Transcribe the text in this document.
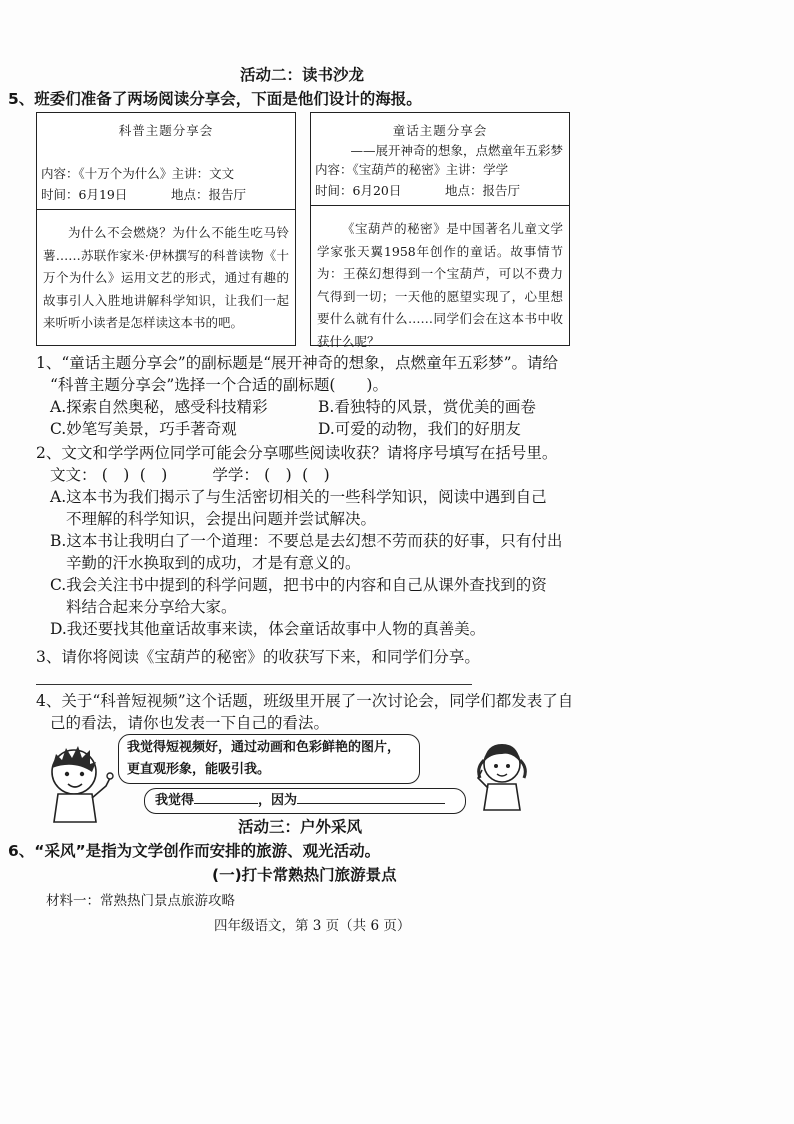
活动二：读书沙龙
5、班委们准备了两场阅读分享会，下面是他们设计的海报。
科普主题分享会
内容：《十万个为什么》 主讲：文文
时间：6月19日	地点：报告厅
为什么不会燃烧？为什么不能生吃马铃薯……苏联作家米·伊林撰写的科普读物《十万个为什么》运用文艺的形式，通过有趣的故事引人入胜地讲解科学知识，让我们一起来听听小读者是怎样读这本书的吧。
童话主题分享会
——展开神奇的想象，点燃童年五彩梦
内容：《宝葫芦的秘密》 主讲：学学
时间：6月20日	地点：报告厅
《宝葫芦的秘密》是中国著名儿童文学学家张天翼1958年创作的童话。故事情节为：王葆幻想得到一个宝葫芦，可以不费力气得到一切；一天他的愿望实现了，心里想要什么就有什么……同学们会在这本书中收获什么呢？
1、“童话主题分享会”的副标题是“展开神奇的想象，点燃童年五彩梦”。请给
“科普主题分享会”选择一个合适的副标题(　　)。
A.探索自然奥秘，感受科技精彩	B.看独特的风景，赏优美的画卷
C.妙笔写美景，巧手著奇观	D.可爱的动物，我们的好朋友
2、文文和学学两位同学可能会分享哪些阅读收获？请将序号填写在括号里。
文文： (　) (　)	学学： (　) (　)
A.这本书为我们揭示了与生活密切相关的一些科学知识，阅读中遇到自己
不理解的科学知识，会提出问题并尝试解决。
B.这本书让我明白了一个道理：不要总是去幻想不劳而获的好事，只有付出
辛勤的汗水换取到的成功，才是有意义的。
C.我会关注书中提到的科学问题，把书中的内容和自己从课外查找到的资
料结合起来分享给大家。
D.我还要找其他童话故事来读，体会童话故事中人物的真善美。
3、请你将阅读《宝葫芦的秘密》的收获写下来，和同学们分享。
4、关于“科普短视频”这个话题，班级里开展了一次讨论会，同学们都发表了自
己的看法，请你也发表一下自己的看法。
我觉得短视频好，通过动画和色彩鲜艳的图片，
更直观形象，能吸引我。
我觉得	，因为
活动三：户外采风
6、“采风”是指为文学创作而安排的旅游、观光活动。
(一)打卡常熟热门旅游景点
材料一：常熟热门景点旅游攻略
四年级语文，第 3 页（共 6 页）
